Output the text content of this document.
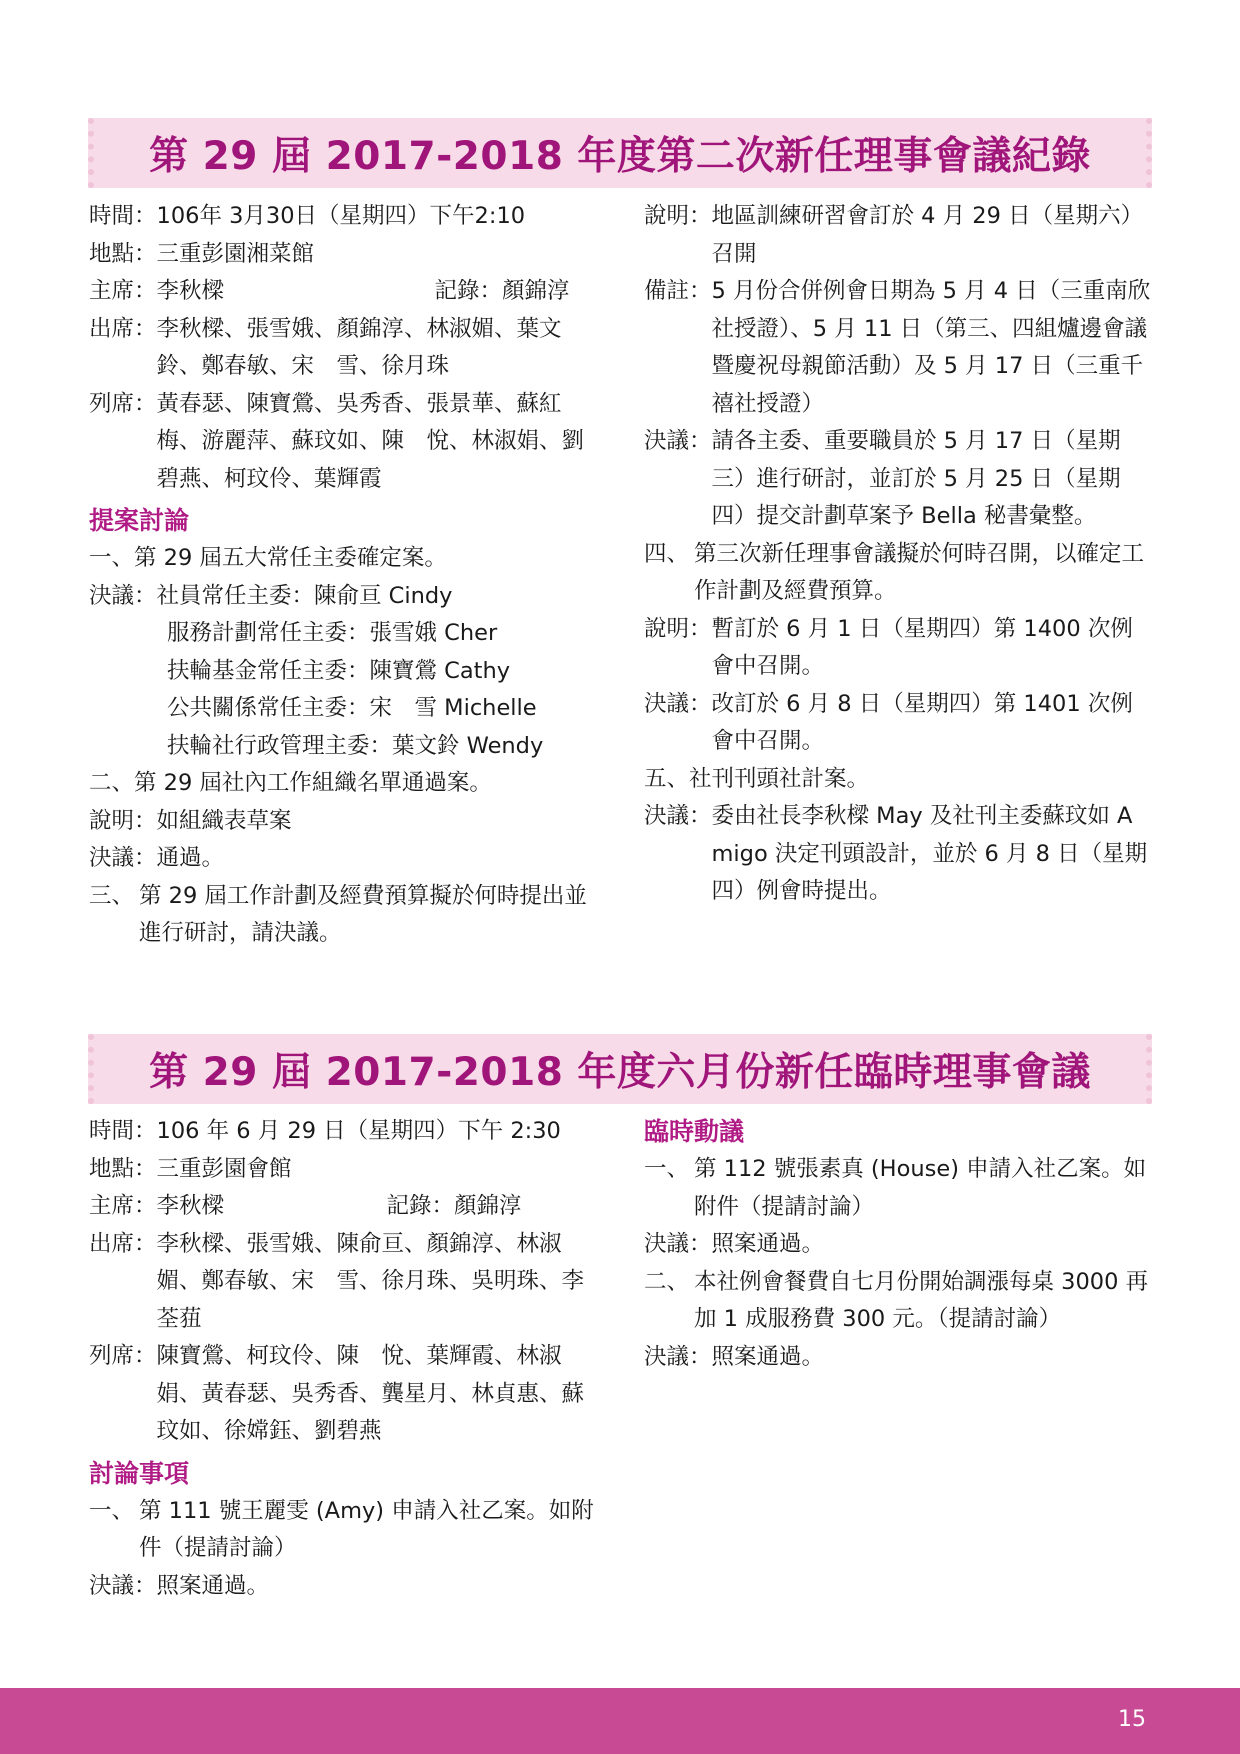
第 29 屆 2017-2018 年度第二次新任理事會議紀錄
時間： 106年 3月30日（星期四）下午2:10
地點： 三重彭園湘菜館
主席： 李秋樑	記錄：顏錦淳
出席： 李秋樑、張雪娥、顏錦淳、林淑媚、葉文鈴、鄭春敏、宋　雪、徐月珠
列席： 黃春瑟、陳寶鶯、吳秀香、張景華、蘇紅梅、游麗萍、蘇玟如、陳　悅、林淑娟、劉碧燕、柯玟伶、葉輝霞
提案討論
一、第 29 屆五大常任主委確定案。
決議： 社員常任主委：陳俞亘 Cindy
服務計劃常任主委：張雪娥 Cher
扶輪基金常任主委：陳寶鶯 Cathy
公共關係常任主委：宋　雪 Michelle
扶輪社行政管理主委：葉文鈴 Wendy
二、第 29 屆社內工作組織名單通過案。
說明： 如組織表草案
決議： 通過。
三、 第 29 屆工作計劃及經費預算擬於何時提出並進行研討，請決議。
說明： 地區訓練研習會訂於 4 月 29 日（星期六）召開
備註： 5 月份合併例會日期為 5 月 4 日（三重南欣社授證）、5 月 11 日（第三、四組爐邊會議暨慶祝母親節活動）及 5 月 17 日（三重千禧社授證）
決議： 請各主委、重要職員於 5 月 17 日（星期三）進行研討，並訂於 5 月 25 日（星期四）提交計劃草案予 Bella 秘書彙整。
四、 第三次新任理事會議擬於何時召開，以確定工作計劃及經費預算。
說明： 暫訂於 6 月 1 日（星期四）第 1400 次例會中召開。
決議： 改訂於 6 月 8 日（星期四）第 1401 次例會中召開。
五、社刊刊頭社計案。
決議： 委由社長李秋樑 May 及社刊主委蘇玟如 Amigo 決定刊頭設計，並於 6 月 8 日（星期四）例會時提出。
第 29 屆 2017-2018 年度六月份新任臨時理事會議
時間： 106 年 6 月 29 日（星期四）下午 2:30
地點： 三重彭園會館
主席： 李秋樑	記錄：顏錦淳
出席： 李秋樑、張雪娥、陳俞亘、顏錦淳、林淑媚、鄭春敏、宋　雪、徐月珠、吳明珠、李荃莥
列席： 陳寶鶯、柯玟伶、陳　悅、葉輝霞、林淑娟、黃春瑟、吳秀香、龔星月、林貞惠、蘇玟如、徐嫦鈺、劉碧燕
討論事項
一、 第 111 號王麗雯 (Amy) 申請入社乙案。如附件（提請討論）
決議： 照案通過。
臨時動議
一、 第 112 號張素真 (House) 申請入社乙案。如附件（提請討論）
決議： 照案通過。
二、 本社例會餐費自七月份開始調漲每桌 3000 再加 1 成服務費 300 元。（提請討論）
決議： 照案通過。
15
